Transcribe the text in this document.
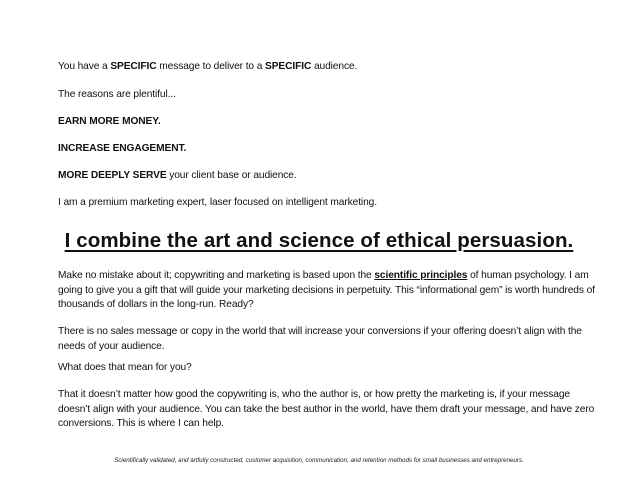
You have a SPECIFIC message to deliver to a SPECIFIC audience.
The reasons are plentiful...
EARN MORE MONEY.
INCREASE ENGAGEMENT.
MORE DEEPLY SERVE your client base or audience.
I am a premium marketing expert, laser focused on intelligent marketing.
I combine the art and science of ethical persuasion.
Make no mistake about it; copywriting and marketing is based upon the scientific principles of human psychology. I am going to give you a gift that will guide your marketing decisions in perpetuity. This “informational gem” is worth hundreds of thousands of dollars in the long-run. Ready?
There is no sales message or copy in the world that will increase your conversions if your offering doesn’t align with the needs of your audience.
What does that mean for you?
That it doesn’t matter how good the copywriting is, who the author is, or how pretty the marketing is, if your message doesn’t align with your audience. You can take the best author in the world, have them draft your message, and have zero conversions. This is where I can help.
Scientifically validated, and artfully constructed, customer acquisition, communication, and retention methods for small businesses and entrepreneurs.
